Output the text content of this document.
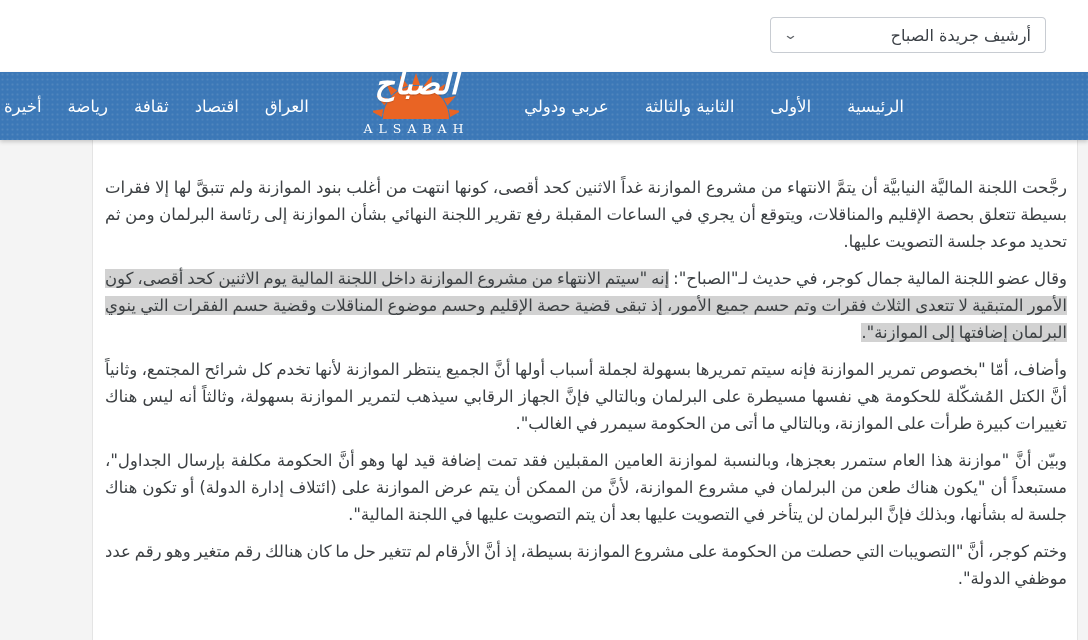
⌄	أرشيف جريدة الصباح
الرئيسية
الأولى
الثانية والثالثة
عربي ودولي
الصباح
ALSABAH
العراق
اقتصاد
ثقافة
رياضة
أخيرة

رجَّحت اللجنة الماليَّة النيابيَّة أن يتمَّ الانتهاء من مشروع الموازنة غداً الاثنين كحد أقصى، كونها انتهت من أغلب بنود الموازنة ولم تتبقَّ لها إلا فقرات بسيطة تتعلق بحصة الإقليم والمناقلات، ويتوقع أن يجري في الساعات المقبلة رفع تقرير اللجنة النهائي بشأن الموازنة إلى رئاسة البرلمان ومن ثم تحديد موعد جلسة التصويت عليها.

وقال عضو اللجنة المالية جمال كوجر، في حديث لـ"الصباح": إنه "سيتم الانتهاء من مشروع الموازنة داخل اللجنة المالية يوم الاثنين كحد أقصى، كون الأمور المتبقية لا تتعدى الثلاث فقرات وتم حسم جميع الأمور، إذ تبقى قضية حصة الإقليم وحسم موضوع المناقلات وقضية حسم الفقرات التي ينوي البرلمان إضافتها إلى الموازنة".

وأضاف، أمّا "بخصوص تمرير الموازنة فإنه سيتم تمريرها بسهولة لجملة أسباب أولها أنَّ الجميع ينتظر الموازنة لأنها تخدم كل شرائح المجتمع، وثانياً أنَّ الكتل المُشكّلة للحكومة هي نفسها مسيطرة على البرلمان وبالتالي فإنَّ الجهاز الرقابي سيذهب لتمرير الموازنة بسهولة، وثالثاً أنه ليس هناك تغييرات كبيرة طرأت على الموازنة، وبالتالي ما أتى من الحكومة سيمرر في الغالب".

وبيّن أنَّ "موازنة هذا العام ستمرر بعجزها، وبالنسبة لموازنة العامين المقبلين فقد تمت إضافة قيد لها وهو أنَّ الحكومة مكلفة بإرسال الجداول"، مستبعداً أن "يكون هناك طعن من البرلمان في مشروع الموازنة، لأنَّ من الممكن أن يتم عرض الموازنة على (ائتلاف إدارة الدولة) أو تكون هناك جلسة له بشأنها، وبذلك فإنَّ البرلمان لن يتأخر في التصويت عليها بعد أن يتم التصويت عليها في اللجنة المالية".

وختم كوجر، أنَّ "التصويبات التي حصلت من الحكومة على مشروع الموازنة بسيطة، إذ أنَّ الأرقام لم تتغير حل ما كان هنالك رقم متغير وهو رقم عدد موظفي الدولة".
